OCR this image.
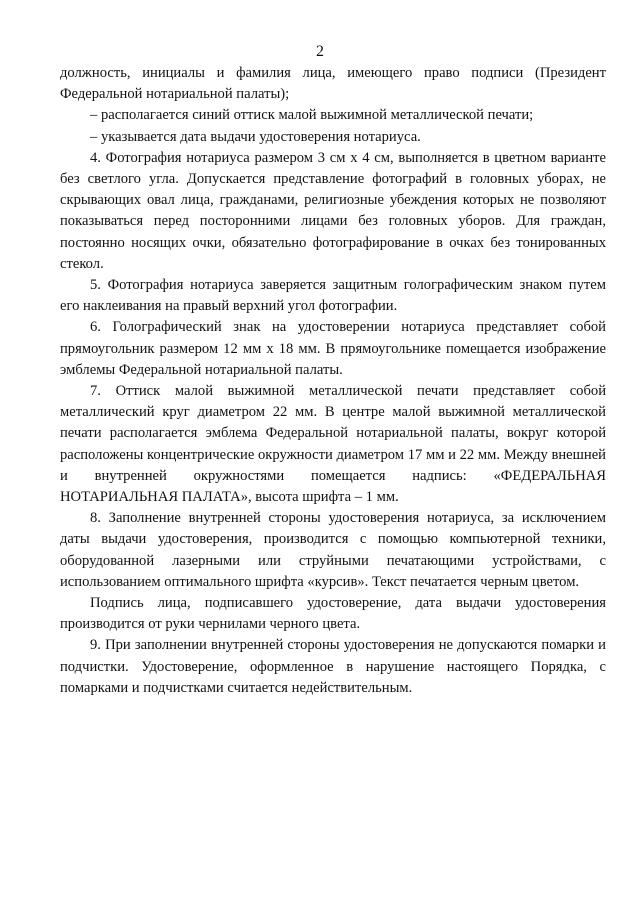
2

должность, инициалы и фамилия лица, имеющего право подписи (Президент Федеральной нотариальной палаты);

– располагается синий оттиск малой выжимной металлической печати;

– указывается дата выдачи удостоверения нотариуса.

4. Фотография нотариуса размером 3 см х 4 см, выполняется в цветном варианте без светлого угла. Допускается представление фотографий в головных уборах, не скрывающих овал лица, гражданами, религиозные убеждения которых не позволяют показываться перед посторонними лицами без головных уборов. Для граждан, постоянно носящих очки, обязательно фотографирование в очках без тонированных стекол.

5. Фотография нотариуса заверяется защитным голографическим знаком путем его наклеивания на правый верхний угол фотографии.

6. Голографический знак на удостоверении нотариуса представляет собой прямоугольник размером 12 мм х 18 мм. В прямоугольнике помещается изображение эмблемы Федеральной нотариальной палаты.

7. Оттиск малой выжимной металлической печати представляет собой металлический круг диаметром 22 мм. В центре малой выжимной металлической печати располагается эмблема Федеральной нотариальной палаты, вокруг которой расположены концентрические окружности диаметром 17 мм и 22 мм. Между внешней и внутренней окружностями помещается надпись: «ФЕДЕРАЛЬНАЯ НОТАРИАЛЬНАЯ ПАЛАТА», высота шрифта – 1 мм.

8. Заполнение внутренней стороны удостоверения нотариуса, за исключением даты выдачи удостоверения, производится с помощью компьютерной техники, оборудованной лазерными или струйными печатающими устройствами, с использованием оптимального шрифта «курсив». Текст печатается черным цветом.

Подпись лица, подписавшего удостоверение, дата выдачи удостоверения производится от руки чернилами черного цвета.

9. При заполнении внутренней стороны удостоверения не допускаются помарки и подчистки. Удостоверение, оформленное в нарушение настоящего Порядка, с помарками и подчистками считается недействительным.
